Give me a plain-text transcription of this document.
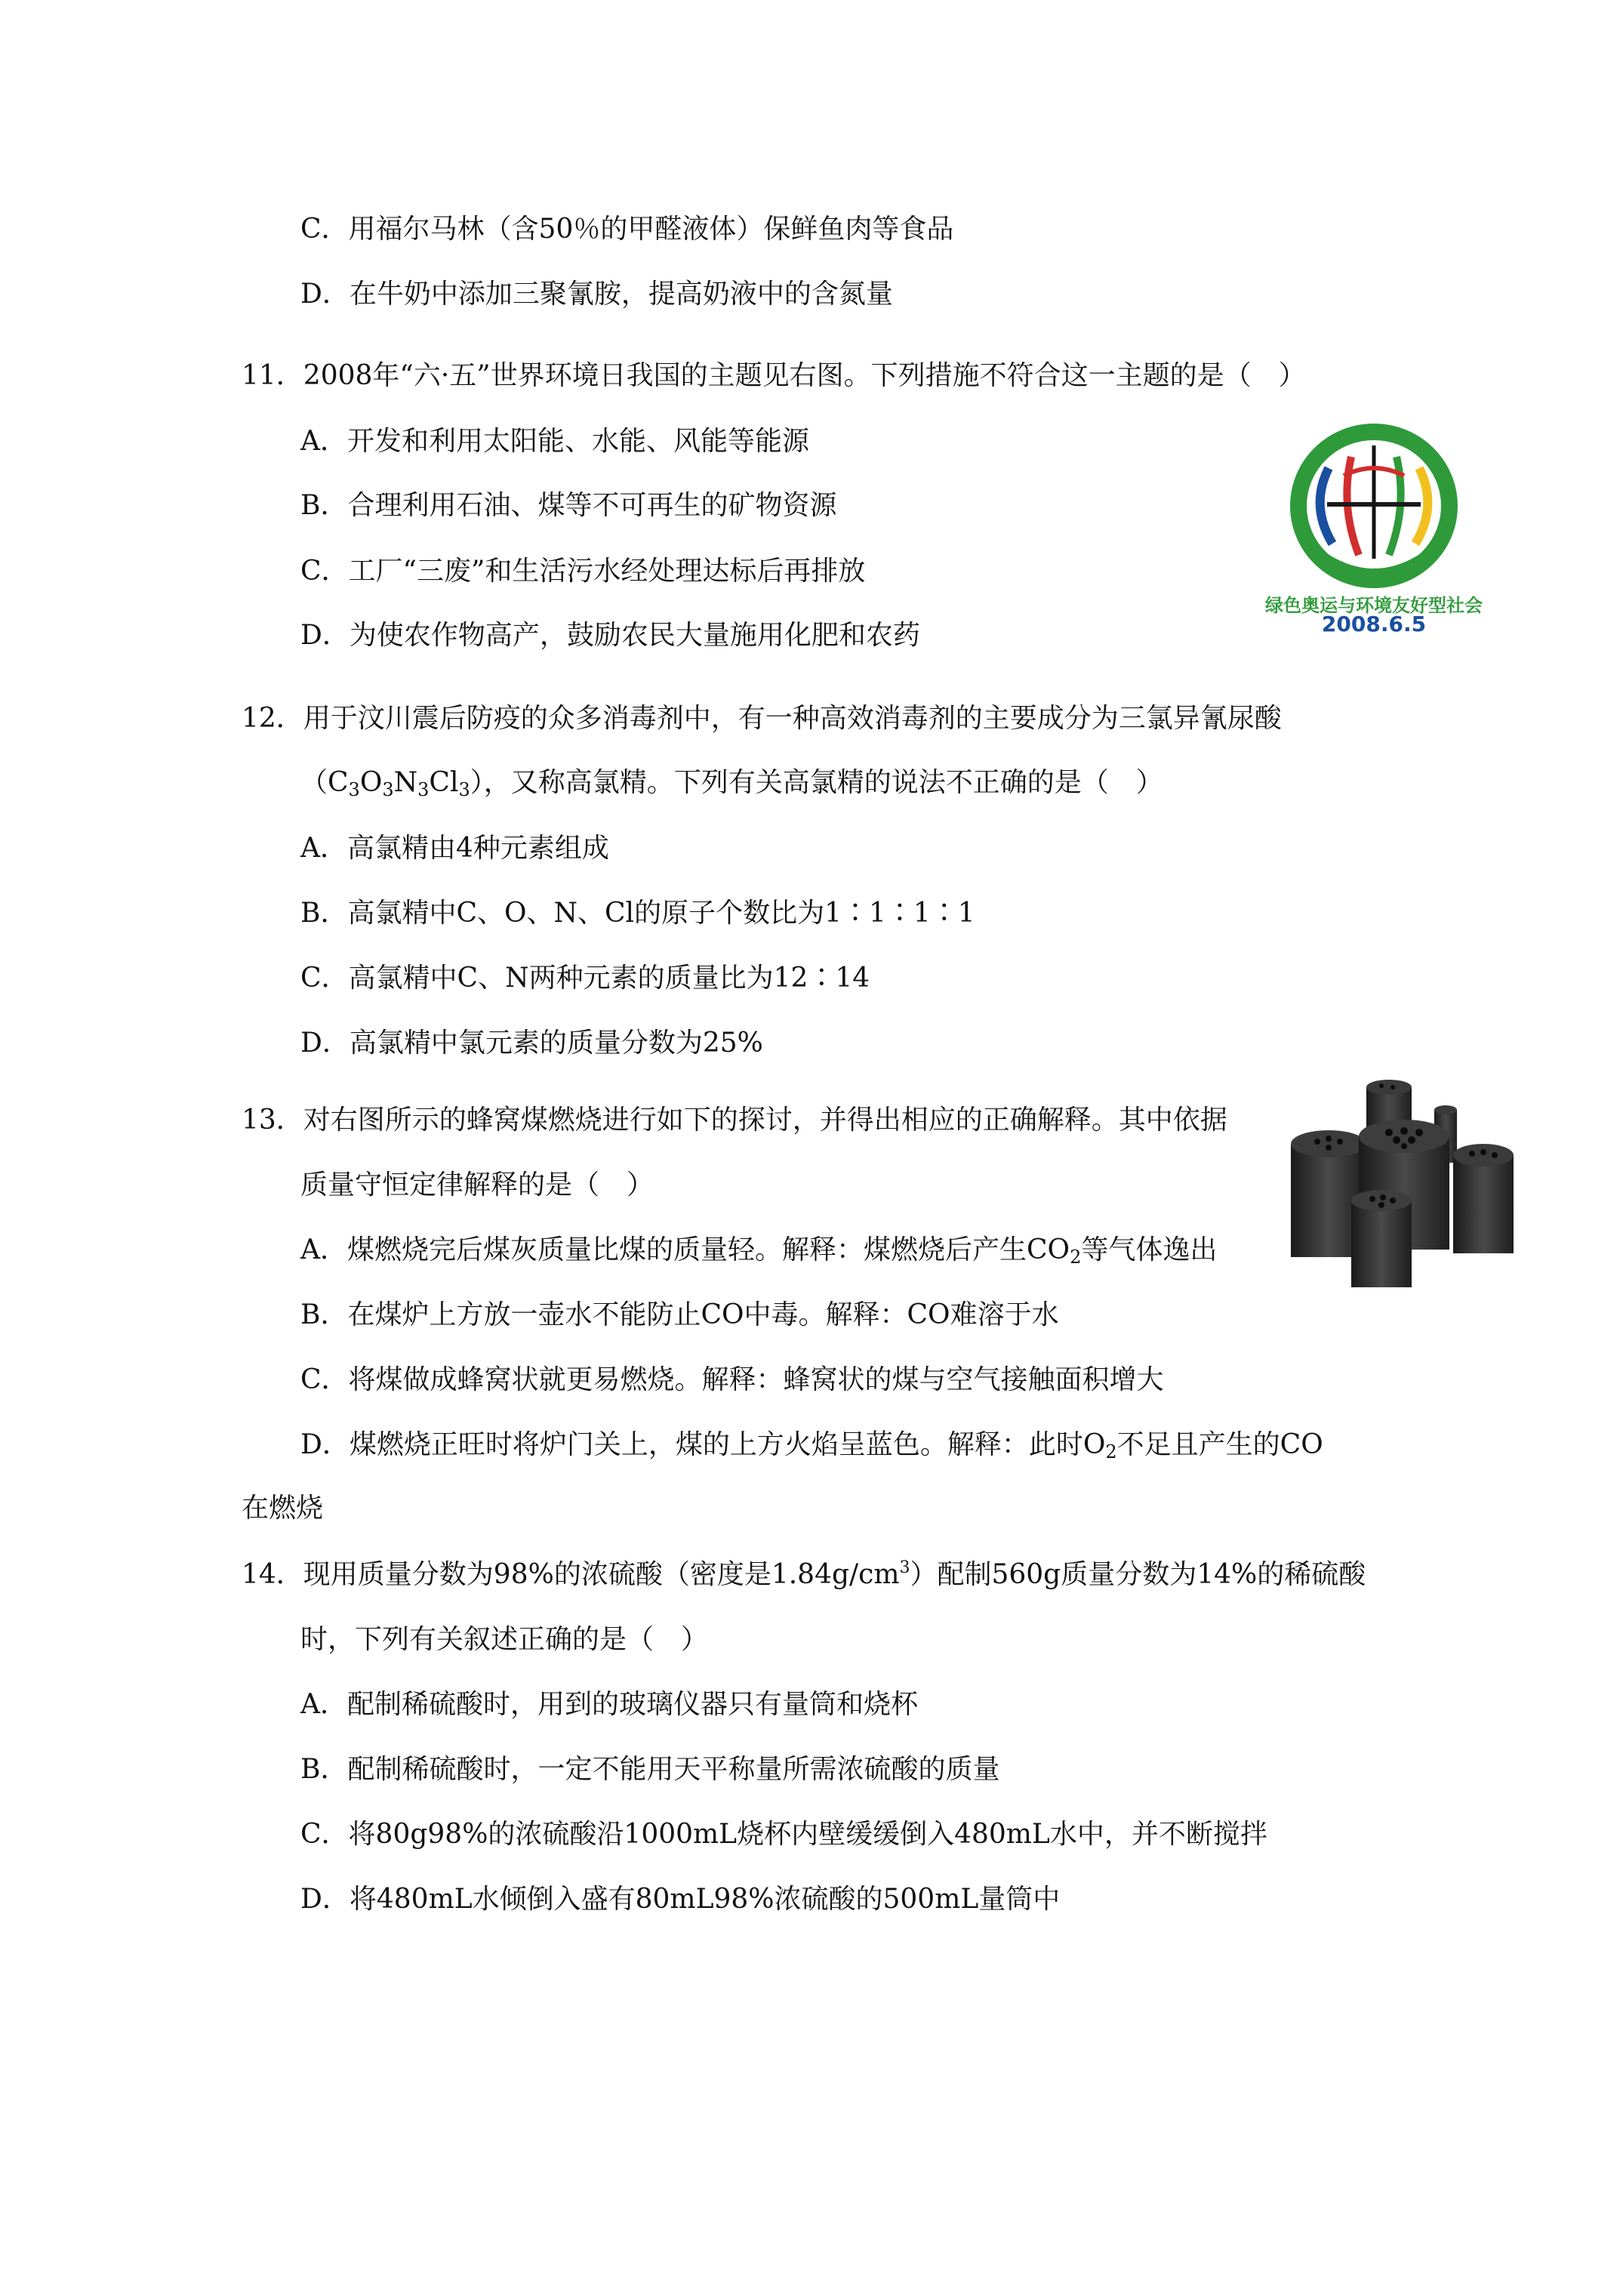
C．用福尔马林（含50％的甲醛液体）保鲜鱼肉等食品
D．在牛奶中添加三聚氰胺，提高奶液中的含氮量
11．2008年“六·五”世界环境日我国的主题见右图。下列措施不符合这一主题的是（　）
A．开发和利用太阳能、水能、风能等能源
B．合理利用石油、煤等不可再生的矿物资源
C．工厂“三废”和生活污水经处理达标后再排放
D．为使农作物高产，鼓励农民大量施用化肥和农药
绿色奥运与环境友好型社会
2008.6.5
12．用于汶川震后防疫的众多消毒剂中，有一种高效消毒剂的主要成分为三氯异氰尿酸
$(C_3O_3N_3Cl_3)$，又称高氯精。下列有关高氯精的说法不正确的是（　）
A．高氯精由4种元素组成
B．高氯精中C、O、N、Cl的原子个数比为1∶1∶1∶1
C．高氯精中C、N两种元素的质量比为12∶14
D．高氯精中氯元素的质量分数为25%
13．对右图所示的蜂窝煤燃烧进行如下的探讨，并得出相应的正确解释。其中依据
质量守恒定律解释的是（　）
A．煤燃烧完后煤灰质量比煤的质量轻。解释：煤燃烧后产生$CO_2$等气体逸出
B．在煤炉上方放一壶水不能防止CO中毒。解释：CO难溶于水
C．将煤做成蜂窝状就更易燃烧。解释：蜂窝状的煤与空气接触面积增大
D．煤燃烧正旺时将炉门关上，煤的上方火焰呈蓝色。解释：此时$O_2$不足且产生的CO
在燃烧
14．现用质量分数为98%的浓硫酸（密度是$1.84g/cm^3$）配制560g质量分数为14%的稀硫酸
时，下列有关叙述正确的是（　）
A．配制稀硫酸时，用到的玻璃仪器只有量筒和烧杯
B．配制稀硫酸时，一定不能用天平称量所需浓硫酸的质量
C．将80g98%的浓硫酸沿1000mL烧杯内壁缓缓倒入480mL水中，并不断搅拌
D．将480mL水倾倒入盛有80mL98%浓硫酸的500mL量筒中
